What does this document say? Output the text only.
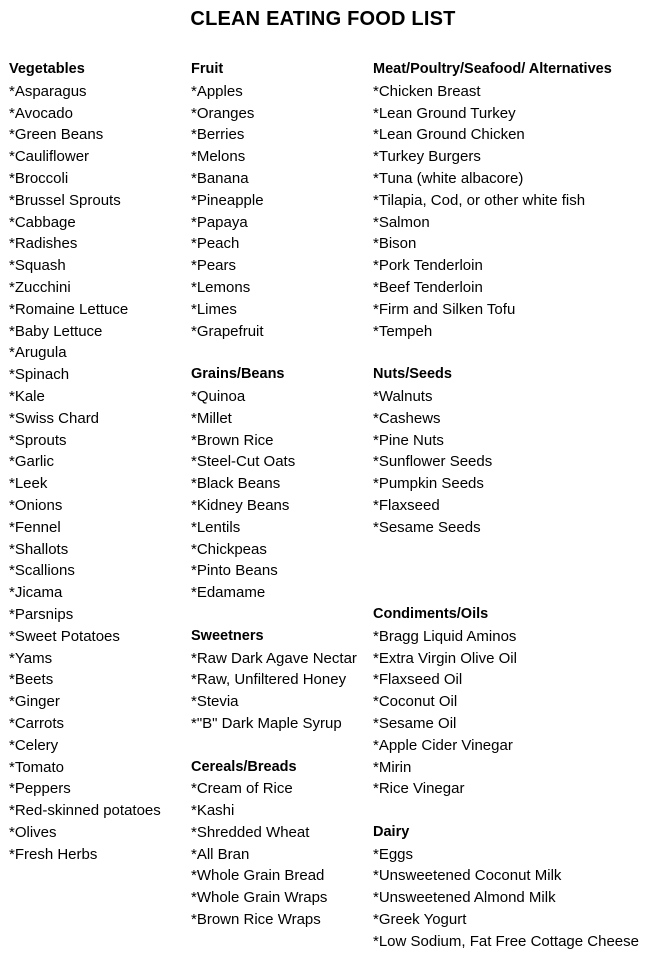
CLEAN EATING FOOD LIST
Vegetables
*Asparagus
*Avocado
*Green Beans
*Cauliflower
*Broccoli
*Brussel Sprouts
*Cabbage
*Radishes
*Squash
*Zucchini
*Romaine Lettuce
*Baby Lettuce
*Arugula
*Spinach
*Kale
*Swiss Chard
*Sprouts
*Garlic
*Leek
*Onions
*Fennel
*Shallots
*Scallions
*Jicama
*Parsnips
*Sweet Potatoes
*Yams
*Beets
*Ginger
*Carrots
*Celery
*Tomato
*Peppers
*Red-skinned potatoes
*Olives
*Fresh Herbs
Fruit
*Apples
*Oranges
*Berries
*Melons
*Banana
*Pineapple
*Papaya
*Peach
*Pears
*Lemons
*Limes
*Grapefruit
Grains/Beans
*Quinoa
*Millet
*Brown Rice
*Steel-Cut Oats
*Black Beans
*Kidney Beans
*Lentils
*Chickpeas
*Pinto Beans
*Edamame
Sweetners
*Raw Dark Agave Nectar
*Raw, Unfiltered Honey
*Stevia
*"B" Dark Maple Syrup
Cereals/Breads
*Cream of Rice
*Kashi
*Shredded Wheat
*All Bran
*Whole Grain Bread
*Whole Grain Wraps
*Brown Rice Wraps
Meat/Poultry/Seafood/ Alternatives
*Chicken Breast
*Lean Ground Turkey
*Lean Ground Chicken
*Turkey Burgers
*Tuna (white albacore)
*Tilapia, Cod, or other white fish
*Salmon
*Bison
*Pork Tenderloin
*Beef Tenderloin
*Firm and Silken Tofu
*Tempeh
Nuts/Seeds
*Walnuts
*Cashews
*Pine Nuts
*Sunflower Seeds
*Pumpkin Seeds
*Flaxseed
*Sesame Seeds
Condiments/Oils
*Bragg Liquid Aminos
*Extra Virgin Olive Oil
*Flaxseed Oil
*Coconut Oil
*Sesame Oil
*Apple Cider Vinegar
*Mirin
*Rice Vinegar
Dairy
*Eggs
*Unsweetened Coconut Milk
*Unsweetened Almond Milk
*Greek Yogurt
*Low Sodium, Fat Free Cottage Cheese
